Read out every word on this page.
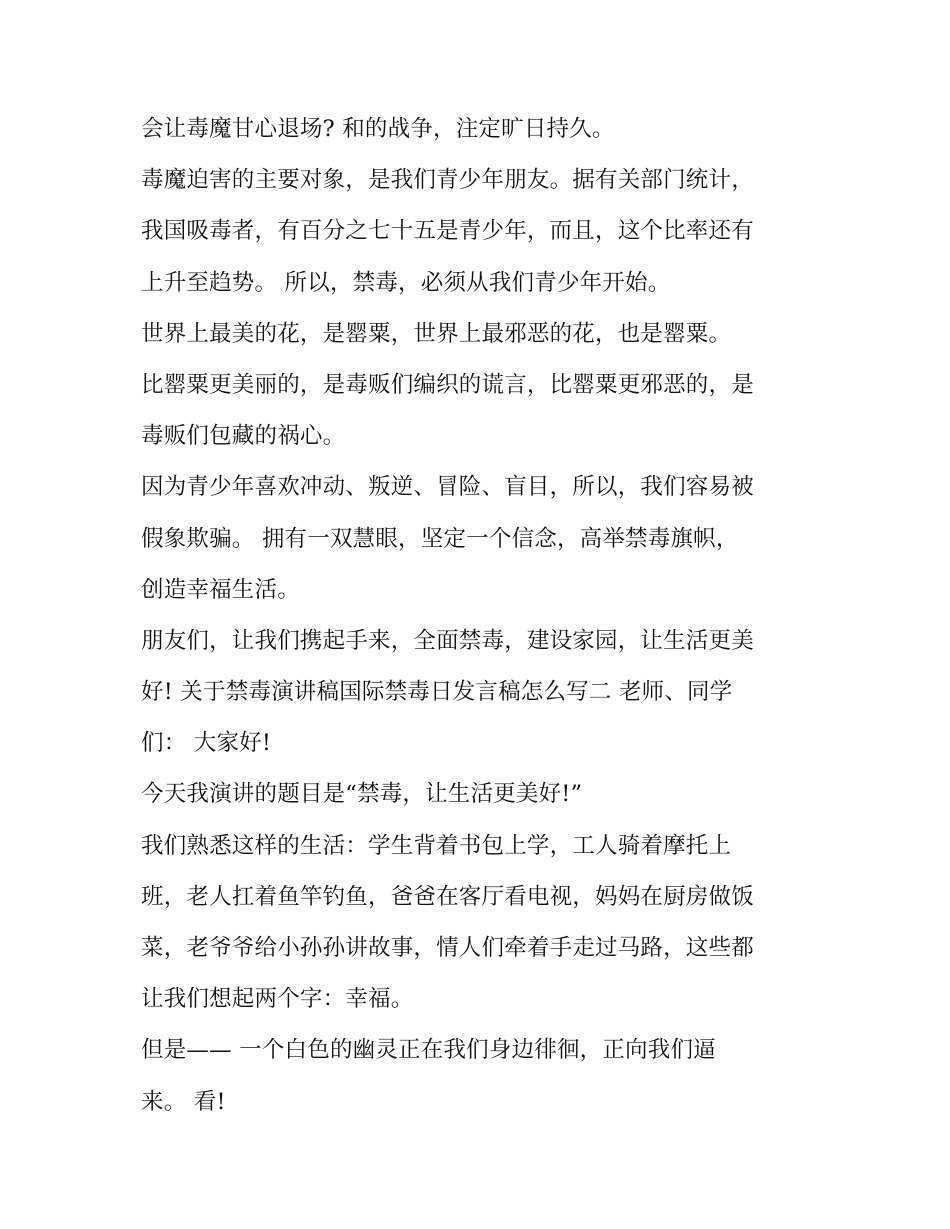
会让毒魔甘心退场? 和的战争，注定旷日持久。
毒魔迫害的主要对象，是我们青少年朋友。据有关部门统计，
我国吸毒者，有百分之七十五是青少年，而且，这个比率还有
上升至趋势。 所以，禁毒，必须从我们青少年开始。
世界上最美的花，是罂粟，世界上最邪恶的花，也是罂粟。
比罂粟更美丽的，是毒贩们编织的谎言，比罂粟更邪恶的，是
毒贩们包藏的祸心。
因为青少年喜欢冲动、叛逆、冒险、盲目，所以，我们容易被
假象欺骗。 拥有一双慧眼，坚定一个信念，高举禁毒旗帜，
创造幸福生活。
朋友们，让我们携起手来，全面禁毒，建设家园，让生活更美
好! 关于禁毒演讲稿国际禁毒日发言稿怎么写二 老师、同学
们： 大家好!
今天我演讲的题目是“禁毒，让生活更美好!”
我们熟悉这样的生活：学生背着书包上学，工人骑着摩托上
班，老人扛着鱼竿钓鱼，爸爸在客厅看电视，妈妈在厨房做饭
菜，老爷爷给小孙孙讲故事，情人们牵着手走过马路，这些都
让我们想起两个字：幸福。
但是—— 一个白色的幽灵正在我们身边徘徊，正向我们逼
来。 看!
